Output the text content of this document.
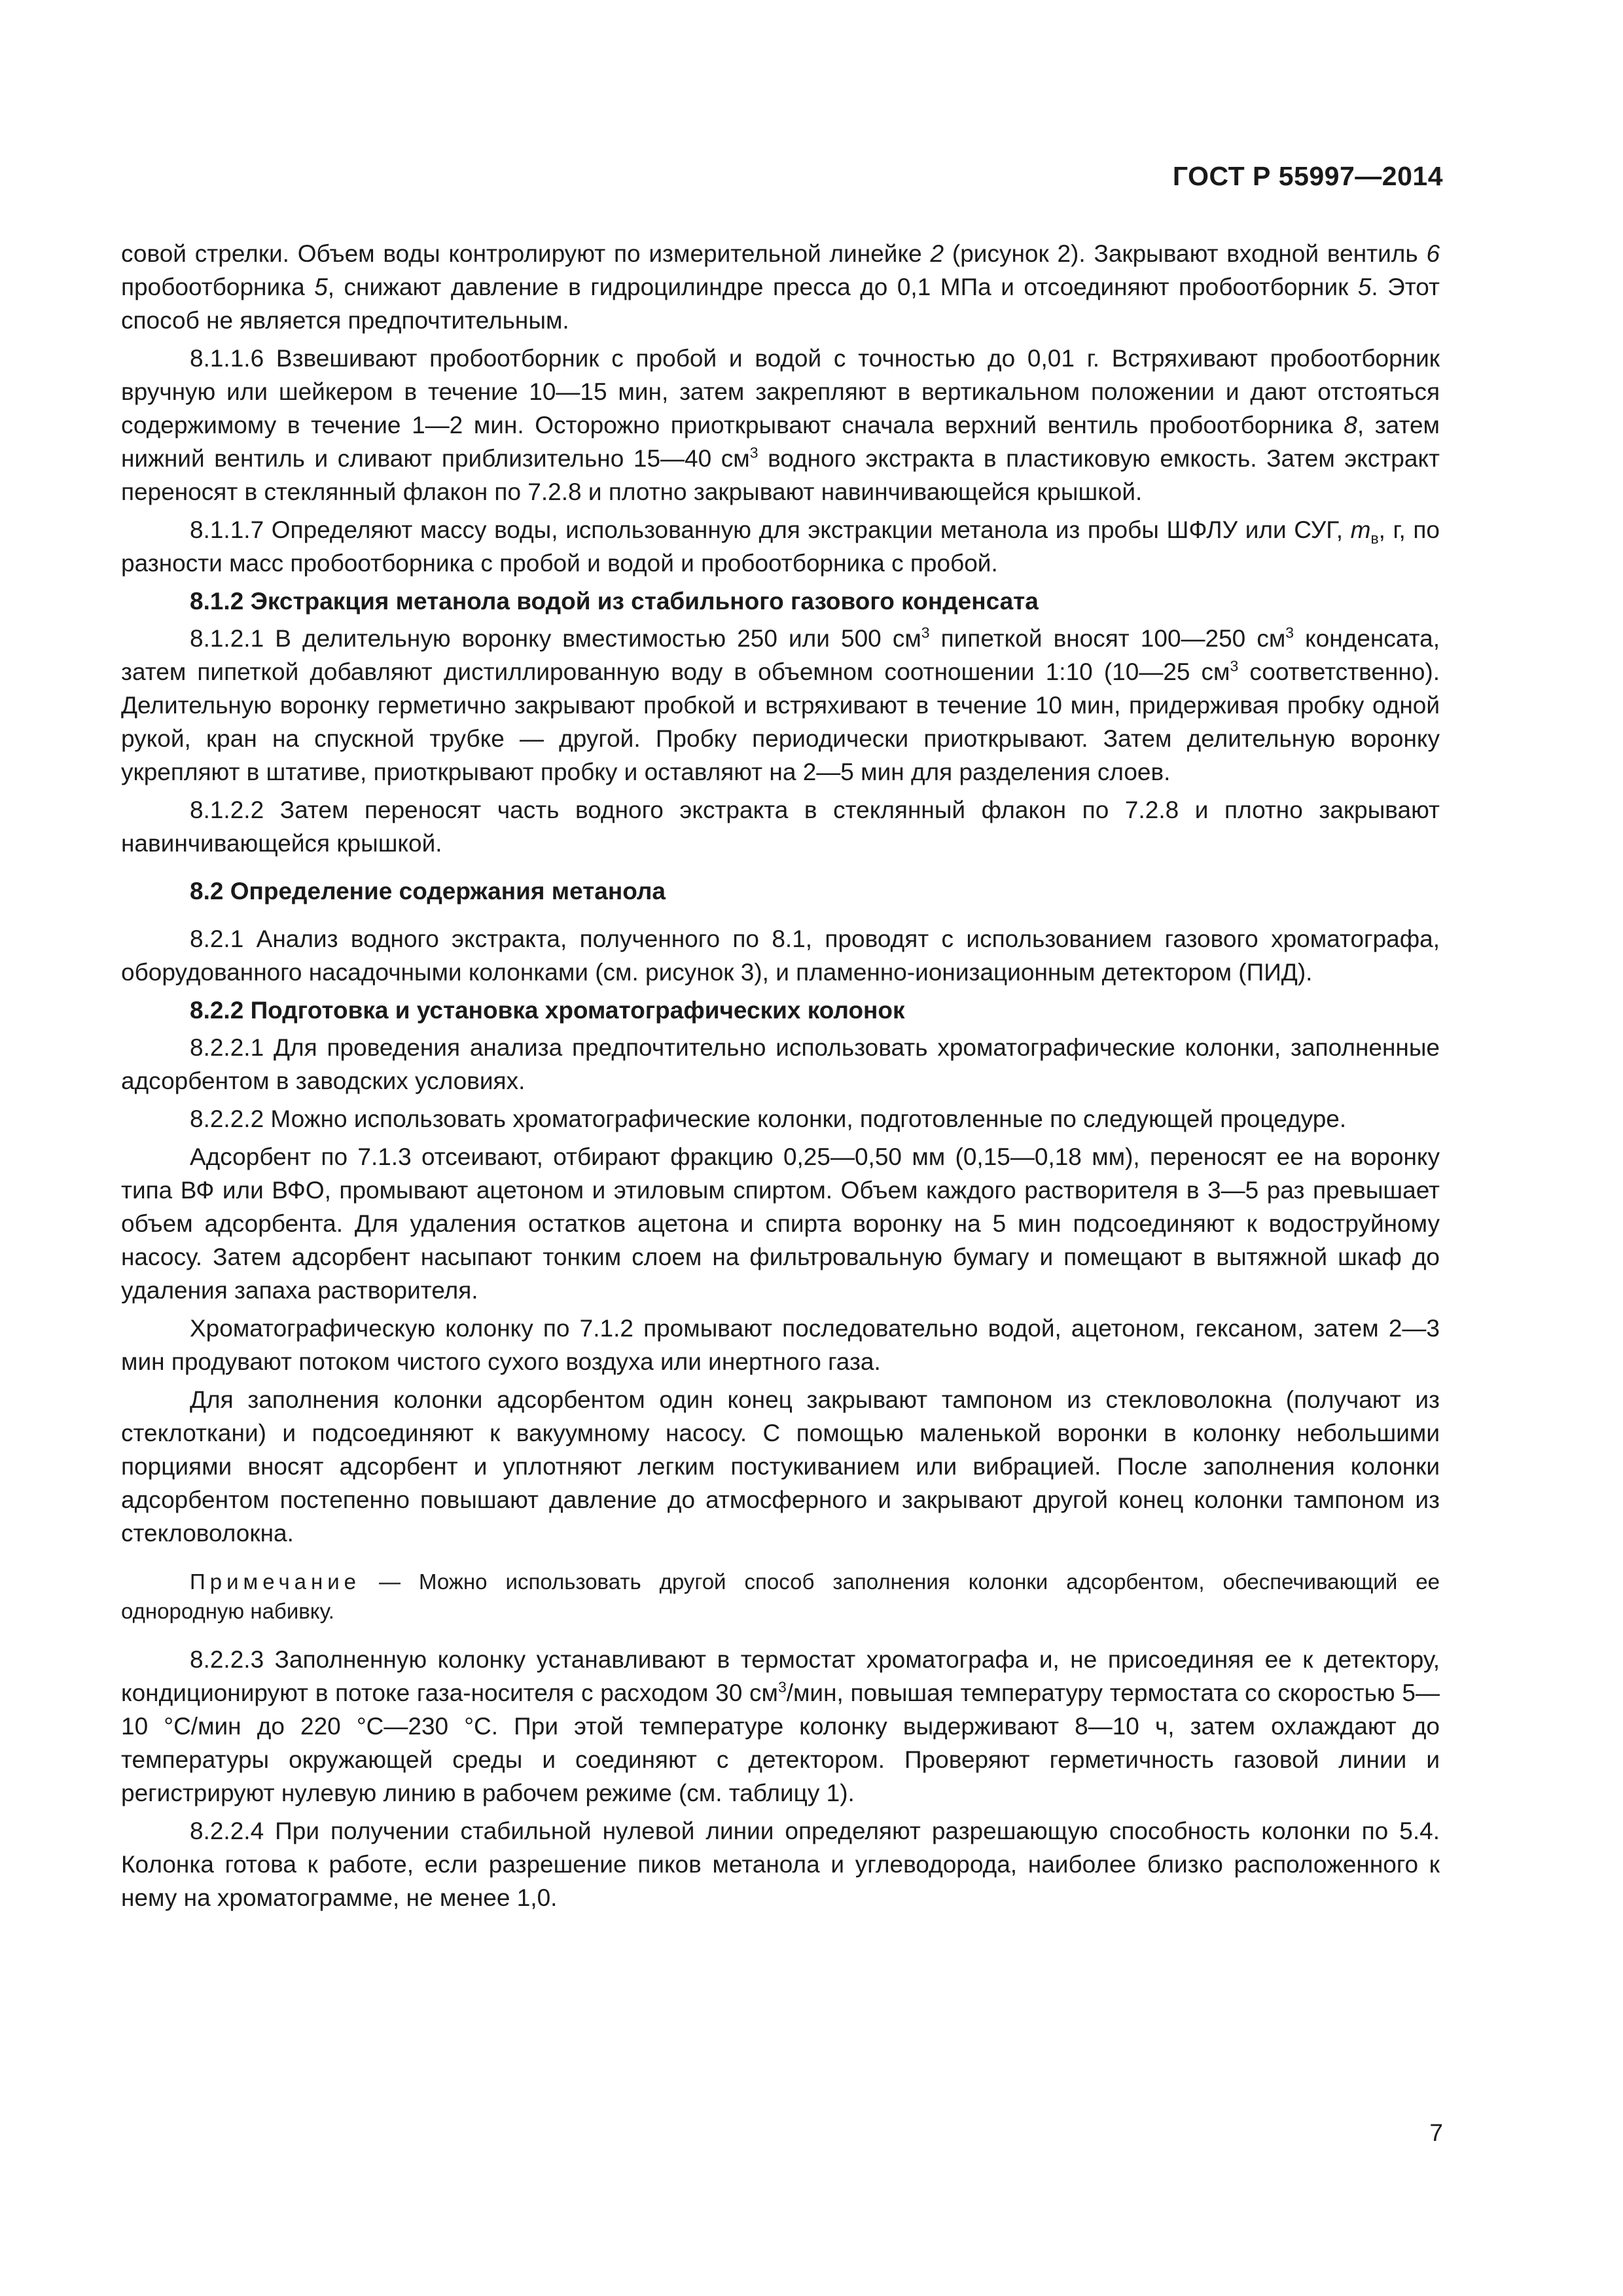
ГОСТ Р 55997—2014

совой стрелки. Объем воды контролируют по измерительной линейке 2 (рисунок 2). Закрывают входной вентиль 6 пробоотборника 5, снижают давление в гидроцилиндре пресса до 0,1 МПа и отсоединяют пробоотборник 5. Этот способ не является предпочтительным.

8.1.1.6 Взвешивают пробоотборник с пробой и водой с точностью до 0,01 г. Встряхивают пробоотборник вручную или шейкером в течение 10—15 мин, затем закрепляют в вертикальном положении и дают отстояться содержимому в течение 1—2 мин. Осторожно приоткрывают сначала верхний вентиль пробоотборника 8, затем нижний вентиль и сливают приблизительно 15—40 $см^3$ водного экстракта в пластиковую емкость. Затем экстракт переносят в стеклянный флакон по 7.2.8 и плотно закрывают навинчивающейся крышкой.

8.1.1.7 Определяют массу воды, использованную для экстракции метанола из пробы ШФЛУ или СУГ, $m_в$, г, по разности масс пробоотборника с пробой и водой и пробоотборника с пробой.

8.1.2 Экстракция метанола водой из стабильного газового конденсата

8.1.2.1 В делительную воронку вместимостью 250 или 500 $см^3$ пипеткой вносят 100—250 $см^3$ конденсата, затем пипеткой добавляют дистиллированную воду в объемном соотношении 1:10 (10—25 $см^3$ соответственно). Делительную воронку герметично закрывают пробкой и встряхивают в течение 10 мин, придерживая пробку одной рукой, кран на спускной трубке — другой. Пробку периодически приоткрывают. Затем делительную воронку укрепляют в штативе, приоткрывают пробку и оставляют на 2—5 мин для разделения слоев.

8.1.2.2 Затем переносят часть водного экстракта в стеклянный флакон по 7.2.8 и плотно закрывают навинчивающейся крышкой.

8.2 Определение содержания метанола

8.2.1 Анализ водного экстракта, полученного по 8.1, проводят с использованием газового хроматографа, оборудованного насадочными колонками (см. рисунок 3), и пламенно-ионизационным детектором (ПИД).

8.2.2 Подготовка и установка хроматографических колонок

8.2.2.1 Для проведения анализа предпочтительно использовать хроматографические колонки, заполненные адсорбентом в заводских условиях.

8.2.2.2 Можно использовать хроматографические колонки, подготовленные по следующей процедуре.

Адсорбент по 7.1.3 отсеивают, отбирают фракцию 0,25—0,50 мм (0,15—0,18 мм), переносят ее на воронку типа ВФ или ВФО, промывают ацетоном и этиловым спиртом. Объем каждого растворителя в 3—5 раз превышает объем адсорбента. Для удаления остатков ацетона и спирта воронку на 5 мин подсоединяют к водоструйному насосу. Затем адсорбент насыпают тонким слоем на фильтровальную бумагу и помещают в вытяжной шкаф до удаления запаха растворителя.

Хроматографическую колонку по 7.1.2 промывают последовательно водой, ацетоном, гексаном, затем 2—3 мин продувают потоком чистого сухого воздуха или инертного газа.

Для заполнения колонки адсорбентом один конец закрывают тампоном из стекловолокна (получают из стеклоткани) и подсоединяют к вакуумному насосу. С помощью маленькой воронки в колонку небольшими порциями вносят адсорбент и уплотняют легким постукиванием или вибрацией. После заполнения колонки адсорбентом постепенно повышают давление до атмосферного и закрывают другой конец колонки тампоном из стекловолокна.

Примечание — Можно использовать другой способ заполнения колонки адсорбентом, обеспечивающий ее однородную набивку.

8.2.2.3 Заполненную колонку устанавливают в термостат хроматографа и, не присоединяя ее к детектору, кондиционируют в потоке газа-носителя с расходом 30 $см^3$/мин, повышая температуру термостата со скоростью 5—10 °С/мин до 220 °С—230 °С. При этой температуре колонку выдерживают 8—10 ч, затем охлаждают до температуры окружающей среды и соединяют с детектором. Проверяют герметичность газовой линии и регистрируют нулевую линию в рабочем режиме (см. таблицу 1).

8.2.2.4 При получении стабильной нулевой линии определяют разрешающую способность колонки по 5.4. Колонка готова к работе, если разрешение пиков метанола и углеводорода, наиболее близко расположенного к нему на хроматограмме, не менее 1,0.

7
